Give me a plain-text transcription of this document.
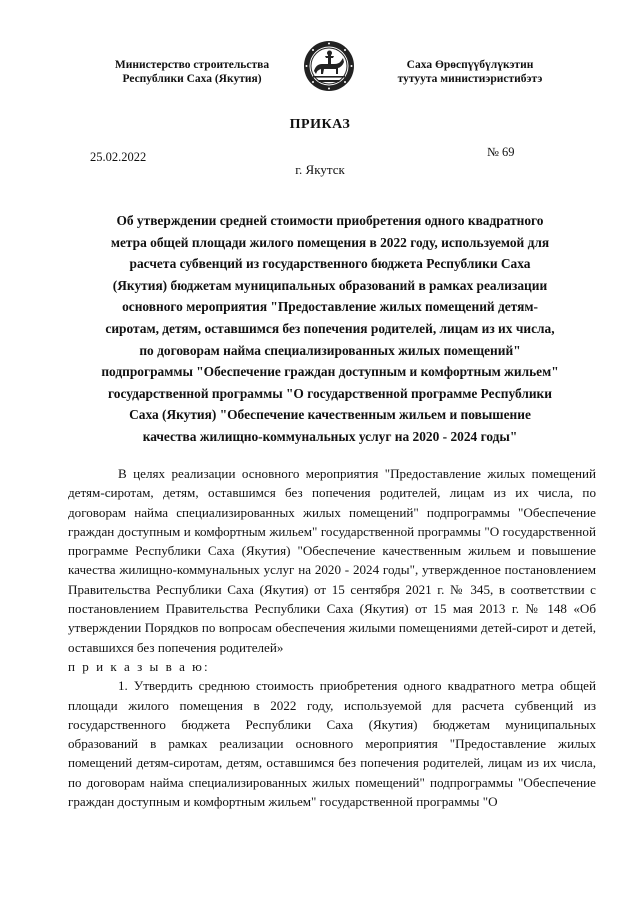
Министерство строительства
Республики Саха (Якутия)
Саха Өрөспүүбүлүкэтин
тутуута министиэристибэтэ
ПРИКАЗ
25.02.2022	№ 69
г. Якутск
Об утверждении средней стоимости приобретения одного квадратного
метра общей площади жилого помещения в 2022 году, используемой для
расчета субвенций из государственного бюджета Республики Саха
(Якутия) бюджетам муниципальных образований в рамках реализации
основного мероприятия "Предоставление жилых помещений детям-
сиротам, детям, оставшимся без попечения родителей, лицам из их числа,
по договорам найма специализированных жилых помещений"
подпрограммы "Обеспечение граждан доступным и комфортным жильем"
государственной программы "О государственной программе Республики
Саха (Якутия) "Обеспечение качественным жильем и повышение
качества жилищно-коммунальных услуг на 2020 - 2024 годы"

В целях реализации основного мероприятия "Предоставление жилых помещений детям-сиротам, детям, оставшимся без попечения родителей, лицам из их числа, по договорам найма специализированных жилых помещений" подпрограммы "Обеспечение граждан доступным и комфортным жильем" государственной программы "О государственной программе Республики Саха (Якутия) "Обеспечение качественным жильем и повышение качества жилищно-коммунальных услуг на 2020 - 2024 годы", утвержденное постановлением Правительства Республики Саха (Якутия) от 15 сентября 2021 г. № 345, в соответствии с постановлением Правительства Республики Саха (Якутия) от 15 мая 2013 г. № 148 «Об утверждении Порядков по вопросам обеспечения жилыми помещениями детей-сирот и детей, оставшихся без попечения родителей»

п р и к а з ы в а ю:

1. Утвердить среднюю стоимость приобретения одного квадратного метра общей площади жилого помещения в 2022 году, используемой для расчета субвенций из государственного бюджета Республики Саха (Якутия) бюджетам муниципальных образований в рамках реализации основного мероприятия "Предоставление жилых помещений детям-сиротам, детям, оставшимся без попечения родителей, лицам из их числа, по договорам найма специализированных жилых помещений" подпрограммы "Обеспечение граждан доступным и комфортным жильем" государственной программы "О
